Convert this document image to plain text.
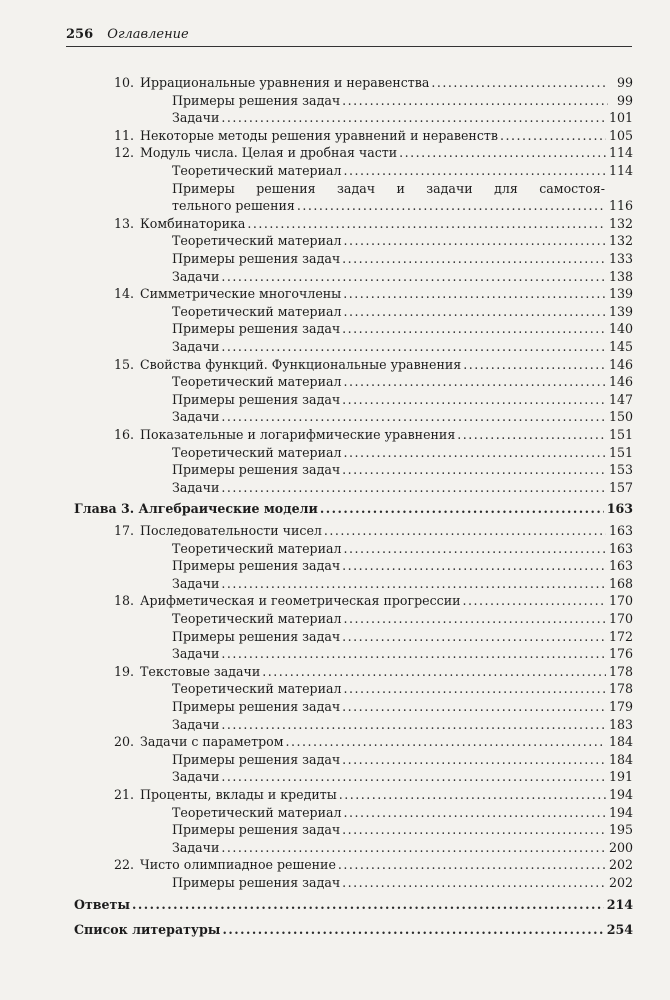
256 Оглавление
10. Иррациональные уравнения и неравенства .....	99
Примеры решения задач .....	99
Задачи .....	101
11. Некоторые методы решения уравнений и неравенств .....	105
12. Модуль числа. Целая и дробная части .....	114
Теоретический материал .....	114
Примеры решения задач и задачи для самостоя-
тельного решения .....	116
13. Комбинаторика .....	132
Теоретический материал .....	132
Примеры решения задач .....	133
Задачи .....	138
14. Симметрические многочлены .....	139
Теоретический материал .....	139
Примеры решения задач .....	140
Задачи .....	145
15. Свойства функций. Функциональные уравнения .....	146
Теоретический материал .....	146
Примеры решения задач .....	147
Задачи .....	150
16. Показательные и логарифмические уравнения .....	151
Теоретический материал .....	151
Примеры решения задач .....	153
Задачи .....	157
Глава 3. Алгебраические модели .....	163
17. Последовательности чисел .....	163
Теоретический материал .....	163
Примеры решения задач .....	163
Задачи .....	168
18. Арифметическая и геометрическая прогрессии .....	170
Теоретический материал .....	170
Примеры решения задач .....	172
Задачи .....	176
19. Текстовые задачи .....	178
Теоретический материал .....	178
Примеры решения задач .....	179
Задачи .....	183
20. Задачи с параметром .....	184
Примеры решения задач .....	184
Задачи .....	191
21. Проценты, вклады и кредиты .....	194
Теоретический материал .....	194
Примеры решения задач .....	195
Задачи .....	200
22. Чисто олимпиадное решение .....	202
Примеры решения задач .....	202
Ответы .....	214
Список литературы .....	254
